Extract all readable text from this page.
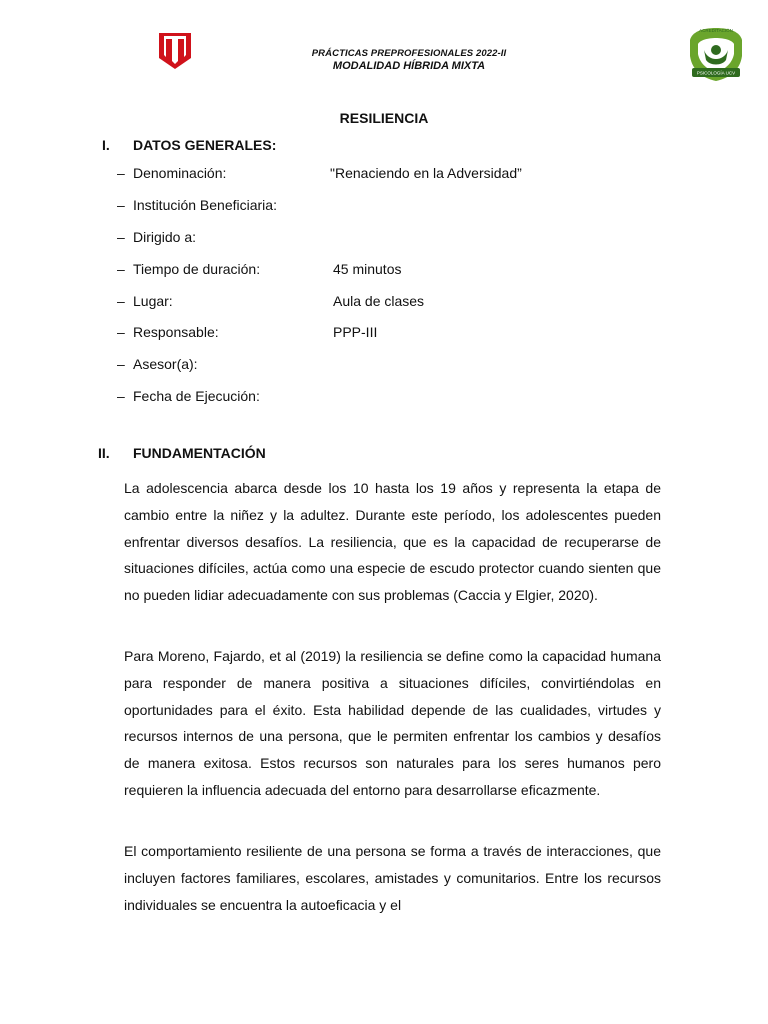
PSICOLOGÍA UCV
ACREDITACIÓN
PRÁCTICAS PREPROFESIONALES 2022-II
MODALIDAD HÍBRIDA MIXTA
RESILIENCIA
I. DATOS GENERALES:
– Denominación:	"Renaciendo en la Adversidad”
– Institución Beneficiaria:
– Dirigido a:
– Tiempo de duración:	45 minutos
– Lugar:	Aula de clases
– Responsable:	PPP-III
– Asesor(a):
– Fecha de Ejecución:
II. FUNDAMENTACIÓN

La adolescencia abarca desde los 10 hasta los 19 años y representa la etapa de cambio entre la niñez y la adultez. Durante este período, los adolescentes pueden enfrentar diversos desafíos. La resiliencia, que es la capacidad de recuperarse de situaciones difíciles, actúa como una especie de escudo protector cuando sienten que no pueden lidiar adecuadamente con sus problemas (Caccia y Elgier, 2020).

Para Moreno, Fajardo, et al (2019) la resiliencia se define como la capacidad humana para responder de manera positiva a situaciones difíciles, convirtiéndolas en oportunidades para el éxito. Esta habilidad depende de las cualidades, virtudes y recursos internos de una persona, que le permiten enfrentar los cambios y desafíos de manera exitosa. Estos recursos son naturales para los seres humanos pero requieren la influencia adecuada del entorno para desarrollarse eficazmente.

El comportamiento resiliente de una persona se forma a través de interacciones, que incluyen factores familiares, escolares, amistades y comunitarios. Entre los recursos individuales se encuentra la autoeficacia y el
